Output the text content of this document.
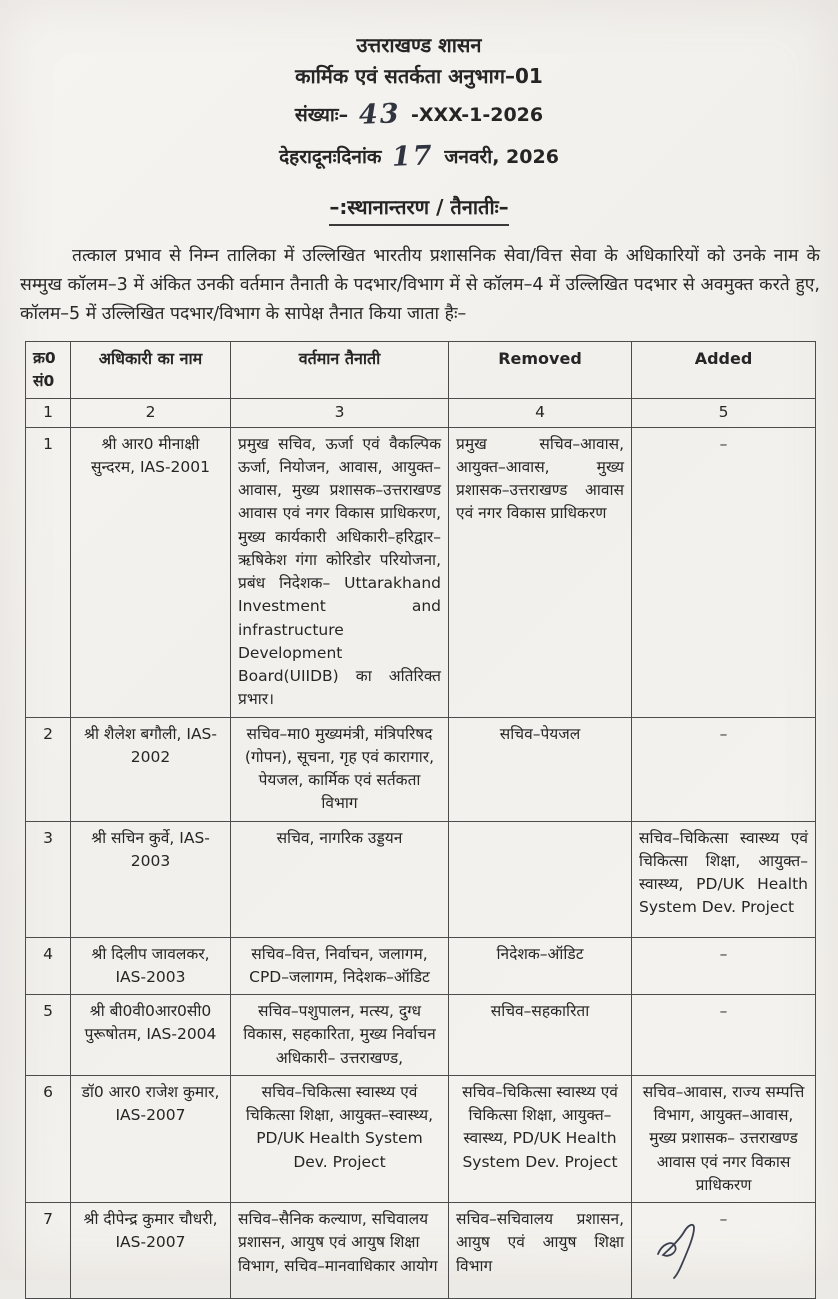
उत्तराखण्ड शासन
कार्मिक एवं सतर्कता अनुभाग–01
संख्याः– 43 -XXX-1-2026
देहरादूनःदिनांक 17 जनवरी, 2026
–:स्थानान्तरण / तैनातीः–

तत्काल प्रभाव से निम्न तालिका में उल्लिखित भारतीय प्रशासनिक सेवा/वित्त सेवा के अधिकारियों को उनके नाम के सम्मुख कॉलम–3 में अंकित उनकी वर्तमान तैनाती के पदभार/विभाग में से कॉलम–4 में उल्लिखित पदभार से अवमुक्त करते हुए, कॉलम–5 में उल्लिखित पदभार/विभाग के सापेक्ष तैनात किया जाता हैः–

क्र0 सं0	अधिकारी का नाम	वर्तमान तैनाती	Removed	Added
1	2	3	4	5
1	श्री आर0 मीनाक्षी सुन्दरम, IAS-2001	प्रमुख सचिव, ऊर्जा एवं वैकल्पिक ऊर्जा, नियोजन, आवास, आयुक्त–आवास, मुख्य प्रशासक–उत्तराखण्ड आवास एवं नगर विकास प्राधिकरण, मुख्य कार्यकारी अधिकारी–हरिद्वार–ऋषिकेश गंगा कोरिडोर परियोजना, प्रबंध निदेशक– Uttarakhand Investment and infrastructure Development Board(UIIDB) का अतिरिक्त प्रभार।	प्रमुख सचिव–आवास, आयुक्त–आवास, मुख्य प्रशासक–उत्तराखण्ड आवास एवं नगर विकास प्राधिकरण	–
2	श्री शैलेश बगौली, IAS-2002	सचिव–मा0 मुख्यमंत्री, मंत्रिपरिषद (गोपन), सूचना, गृह एवं कारागार, पेयजल, कार्मिक एवं सर्तकता विभाग	सचिव–पेयजल	–
3	श्री सचिन कुर्वे, IAS-2003	सचिव, नागरिक उड्डयन		सचिव–चिकित्सा स्वास्थ्य एवं चिकित्सा शिक्षा, आयुक्त–स्वास्थ्य, PD/UK Health System Dev. Project
4	श्री दिलीप जावलकर, IAS-2003	सचिव–वित्त, निर्वाचन, जलागम, CPD–जलागम, निदेशक–ऑडिट	निदेशक–ऑडिट	–
5	श्री बी0वी0आर0सी0 पुरूषोतम, IAS-2004	सचिव–पशुपालन, मत्स्य, दुग्ध विकास, सहकारिता, मुख्य निर्वाचन अधिकारी– उत्तराखण्ड,	सचिव–सहकारिता	–
6	डॉ0 आर0 राजेश कुमार, IAS-2007	सचिव–चिकित्सा स्वास्थ्य एवं चिकित्सा शिक्षा, आयुक्त–स्वास्थ्य, PD/UK Health System Dev. Project	सचिव–चिकित्सा स्वास्थ्य एवं चिकित्सा शिक्षा, आयुक्त–स्वास्थ्य, PD/UK Health System Dev. Project	सचिव–आवास, राज्य सम्पत्ति विभाग, आयुक्त–आवास, मुख्य प्रशासक– उत्तराखण्ड आवास एवं नगर विकास प्राधिकरण
7	श्री दीपेन्द्र कुमार चौधरी, IAS-2007	सचिव–सैनिक कल्याण, सचिवालय प्रशासन, आयुष एवं आयुष शिक्षा विभाग, सचिव–मानवाधिकार आयोग	सचिव–सचिवालय प्रशासन, आयुष एवं आयुष शिक्षा विभाग	–
